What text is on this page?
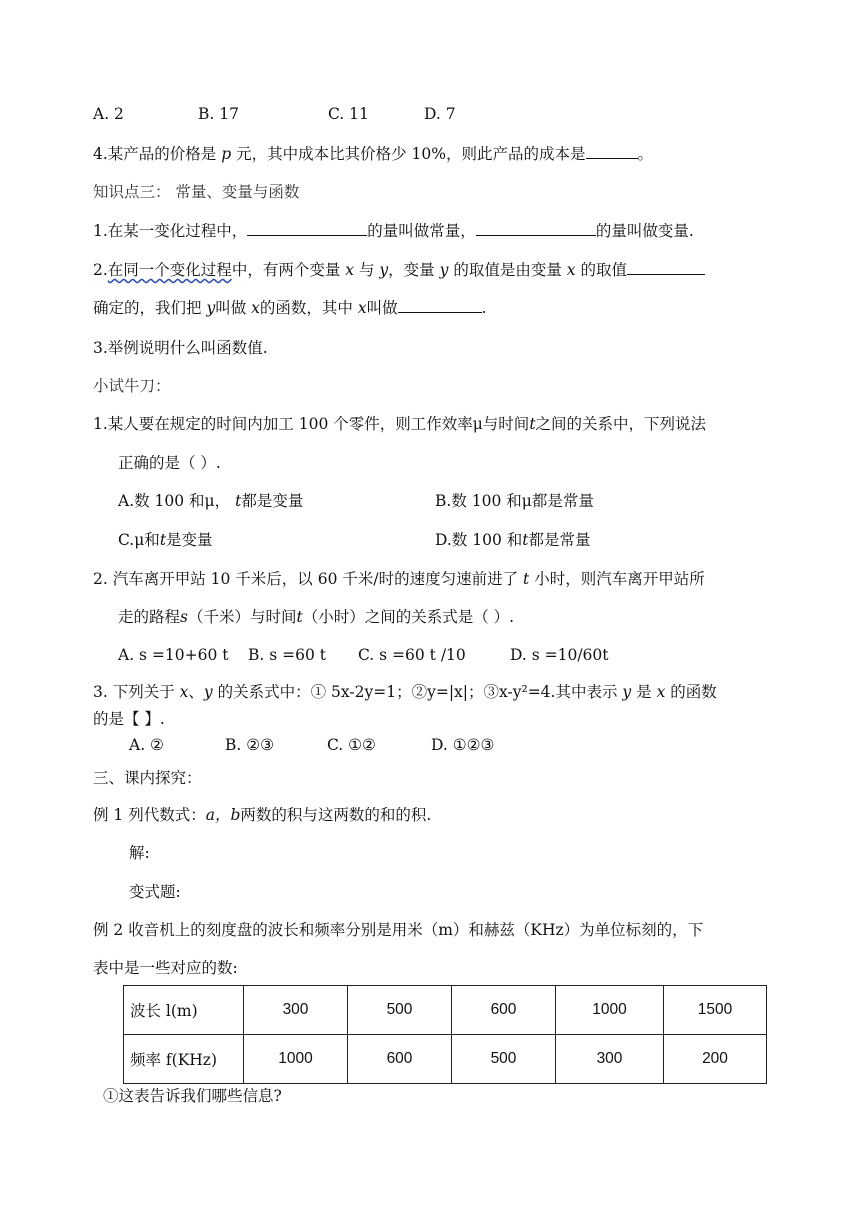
A. 2	B. 17	C. 11	D. 7
4.某产品的价格是 p 元，其中成本比其价格少 10%，则此产品的成本是	。
知识点三： 常量、变量与函数
1.在某一变化过程中，	的量叫做常量，	的量叫做变量.
2.在同一个变化过程中，有两个变量 x 与 y，变量 y 的取值是由变量 x 的取值
确定的，我们把 y叫做 x的函数，其中 x叫做	.
3.举例说明什么叫函数值.
小试牛刀：
1.某人要在规定的时间内加工 100 个零件，则工作效率μ与时间t之间的关系中，下列说法
正确的是（ ）.
A.数 100 和μ， t都是变量	B.数 100 和μ都是常量
C.μ和t是变量	D.数 100 和t都是常量
2. 汽车离开甲站 10 千米后，以 60 千米/时的速度匀速前进了 t 小时，则汽车离开甲站所
走的路程s（千米）与时间t（小时）之间的关系式是（ ）.
A. s =10+60 t B. s =60 t C. s =60 t /10	D. s =10/60t
3. 下列关于 x、y 的关系式中：① 5x-2y=1；②y=|x|；③x-y²=4.其中表示 y 是 x 的函数
的是【 】.
A. ②	B. ②③	C. ①②	D. ①②③
三、课内探究：
例 1 列代数式：a，b两数的积与这两数的和的积.
解:
变式题:
例 2 收音机上的刻度盘的波长和频率分别是用米（m）和赫兹（KHz）为单位标刻的，下
表中是一些对应的数:
波长 l(m)	300	500	600	1000	1500
频率 f(KHz)	1000	600	500	300	200
①这表告诉我们哪些信息?
